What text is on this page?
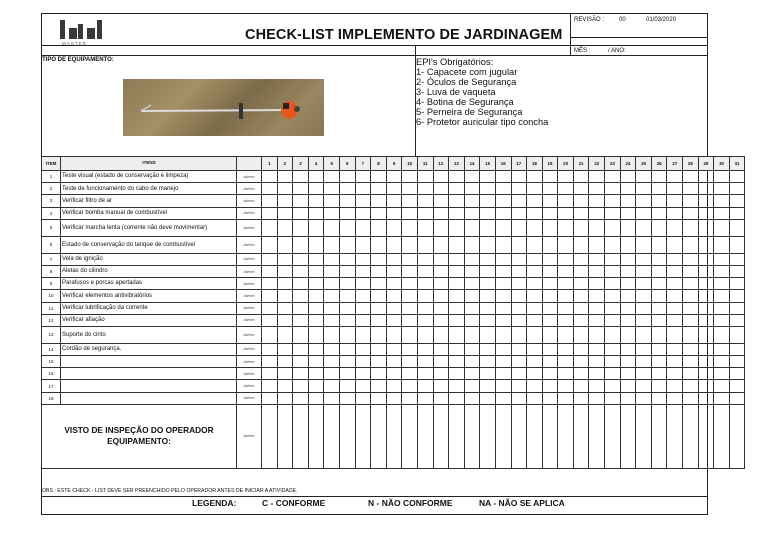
MASTER
CHECK-LIST IMPLEMENTO DE JARDINAGEM
REVISÃO : 00	01/03/2020
MÊS :	/ ANO:
TIPO DE EQUIPAMENTO:	EPI's Obrigatórios:
1- Capacete com jugular
2- Óculos de Segurança
3- Luva de vaqueta
4- Botina de Segurança
5- Perneira de Segurança
6- Protetor auricular tipo concha
ITEM	ITENS		1	2	3	4	5	6	7	8	9	10	11	12	13	14	15	16	17	18	19	20	21	22	23	24	25	26	27	28	29	30	31
1	Teste visual (estado de conservação e limpeza)	dd/mm																															
2	Teste de funcionamento do cabo de manejo	dd/mm																															
3	Verificar filtro de ar	dd/mm																															
4	Verificar bomba manual de combustível	dd/mm																															
5	Verificar marcha lenta (corrente não deve movimentar)	dd/mm																															
6	Estado de conservação do tanque de combustível	dd/mm																															
7	Vela de ignição	dd/mm																															
8	Aletas do cilindro	dd/mm																															
9	Parafusos e porcas apertadas	dd/mm																															
10	Verificar elementos antivibratórios	dd/mm																															
11	Verificar lubrificação da corrente	dd/mm																															
12	Verificar afiação	dd/mm																															
13	Suporte do cinto	dd/mm																															
14	Cordão de segurança.	dd/mm																															
15		dd/mm																															
16		dd/mm																															
17		dd/mm																															
18		dd/mm																															
VISTO DE INSPEÇÃO DO OPERADOR EQUIPAMENTO:		dd/mm																															
OBS : ESTE CHECK - LIST DEVE SER PREENCHIDO PELO OPERADOR ANTES DE INICIAR A ATIVIDADE.
LEGENDA:	C - CONFORME	N - NÃO CONFORME	NA - NÃO SE APLICA
